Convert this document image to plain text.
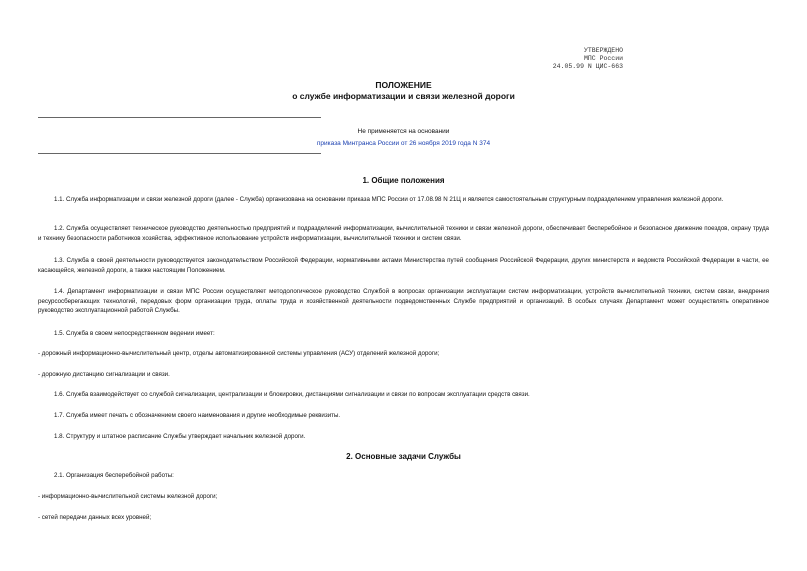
УТВЕРЖДЕНО
МПС России
24.05.99 N ЦИС-663
ПОЛОЖЕНИЕ
о службе информатизации и связи железной дороги
Не применяется на основании
приказа Минтранса России от 26 ноября 2019 года N 374
1. Общие положения
1.1. Служба информатизации и связи железной дороги (далее - Служба) организована на основании приказа МПС России от 17.08.98 N 21Ц и является самостоятельным структурным подразделением управления железной дороги.
1.2. Служба осуществляет техническое руководство деятельностью предприятий и подразделений информатизации, вычислительной техники и связи железной дороги, обеспечивает бесперебойное и безопасное движение поездов, охрану труда и технику безопасности работников хозяйства, эффективное использование устройств информатизации, вычислительной техники и систем связи.
1.3. Служба в своей деятельности руководствуется законодательством Российской Федерации, нормативными актами Министерства путей сообщения Российской Федерации, других министерств и ведомств Российской Федерации в части, ее касающейся, железной дороги, а также настоящим Положением.
1.4. Департамент информатизации и связи МПС России осуществляет методологическое руководство Службой в вопросах организации эксплуатации систем информатизации, устройств вычислительной техники, систем связи, внедрения ресурсосберегающих технологий, передовых форм организации труда, оплаты труда и хозяйственной деятельности подведомственных Службе предприятий и организаций. В особых случаях Департамент может осуществлять оперативное руководство эксплуатационной работой Службы.
1.5. Служба в своем непосредственном ведении имеет:
- дорожный информационно-вычислительный центр, отделы автоматизированной системы управления (АСУ) отделений железной дороги;
- дорожную дистанцию сигнализации и связи.
1.6. Служба взаимодействует со службой сигнализации, централизации и блокировки, дистанциями сигнализации и связи по вопросам эксплуатации средств связи.
1.7. Служба имеет печать с обозначением своего наименования и другие необходимые реквизиты.
1.8. Структуру и штатное расписание Службы утверждает начальник железной дороги.
2. Основные задачи Службы
2.1. Организация бесперебойной работы:
- информационно-вычислительной системы железной дороги;
- сетей передачи данных всех уровней;
